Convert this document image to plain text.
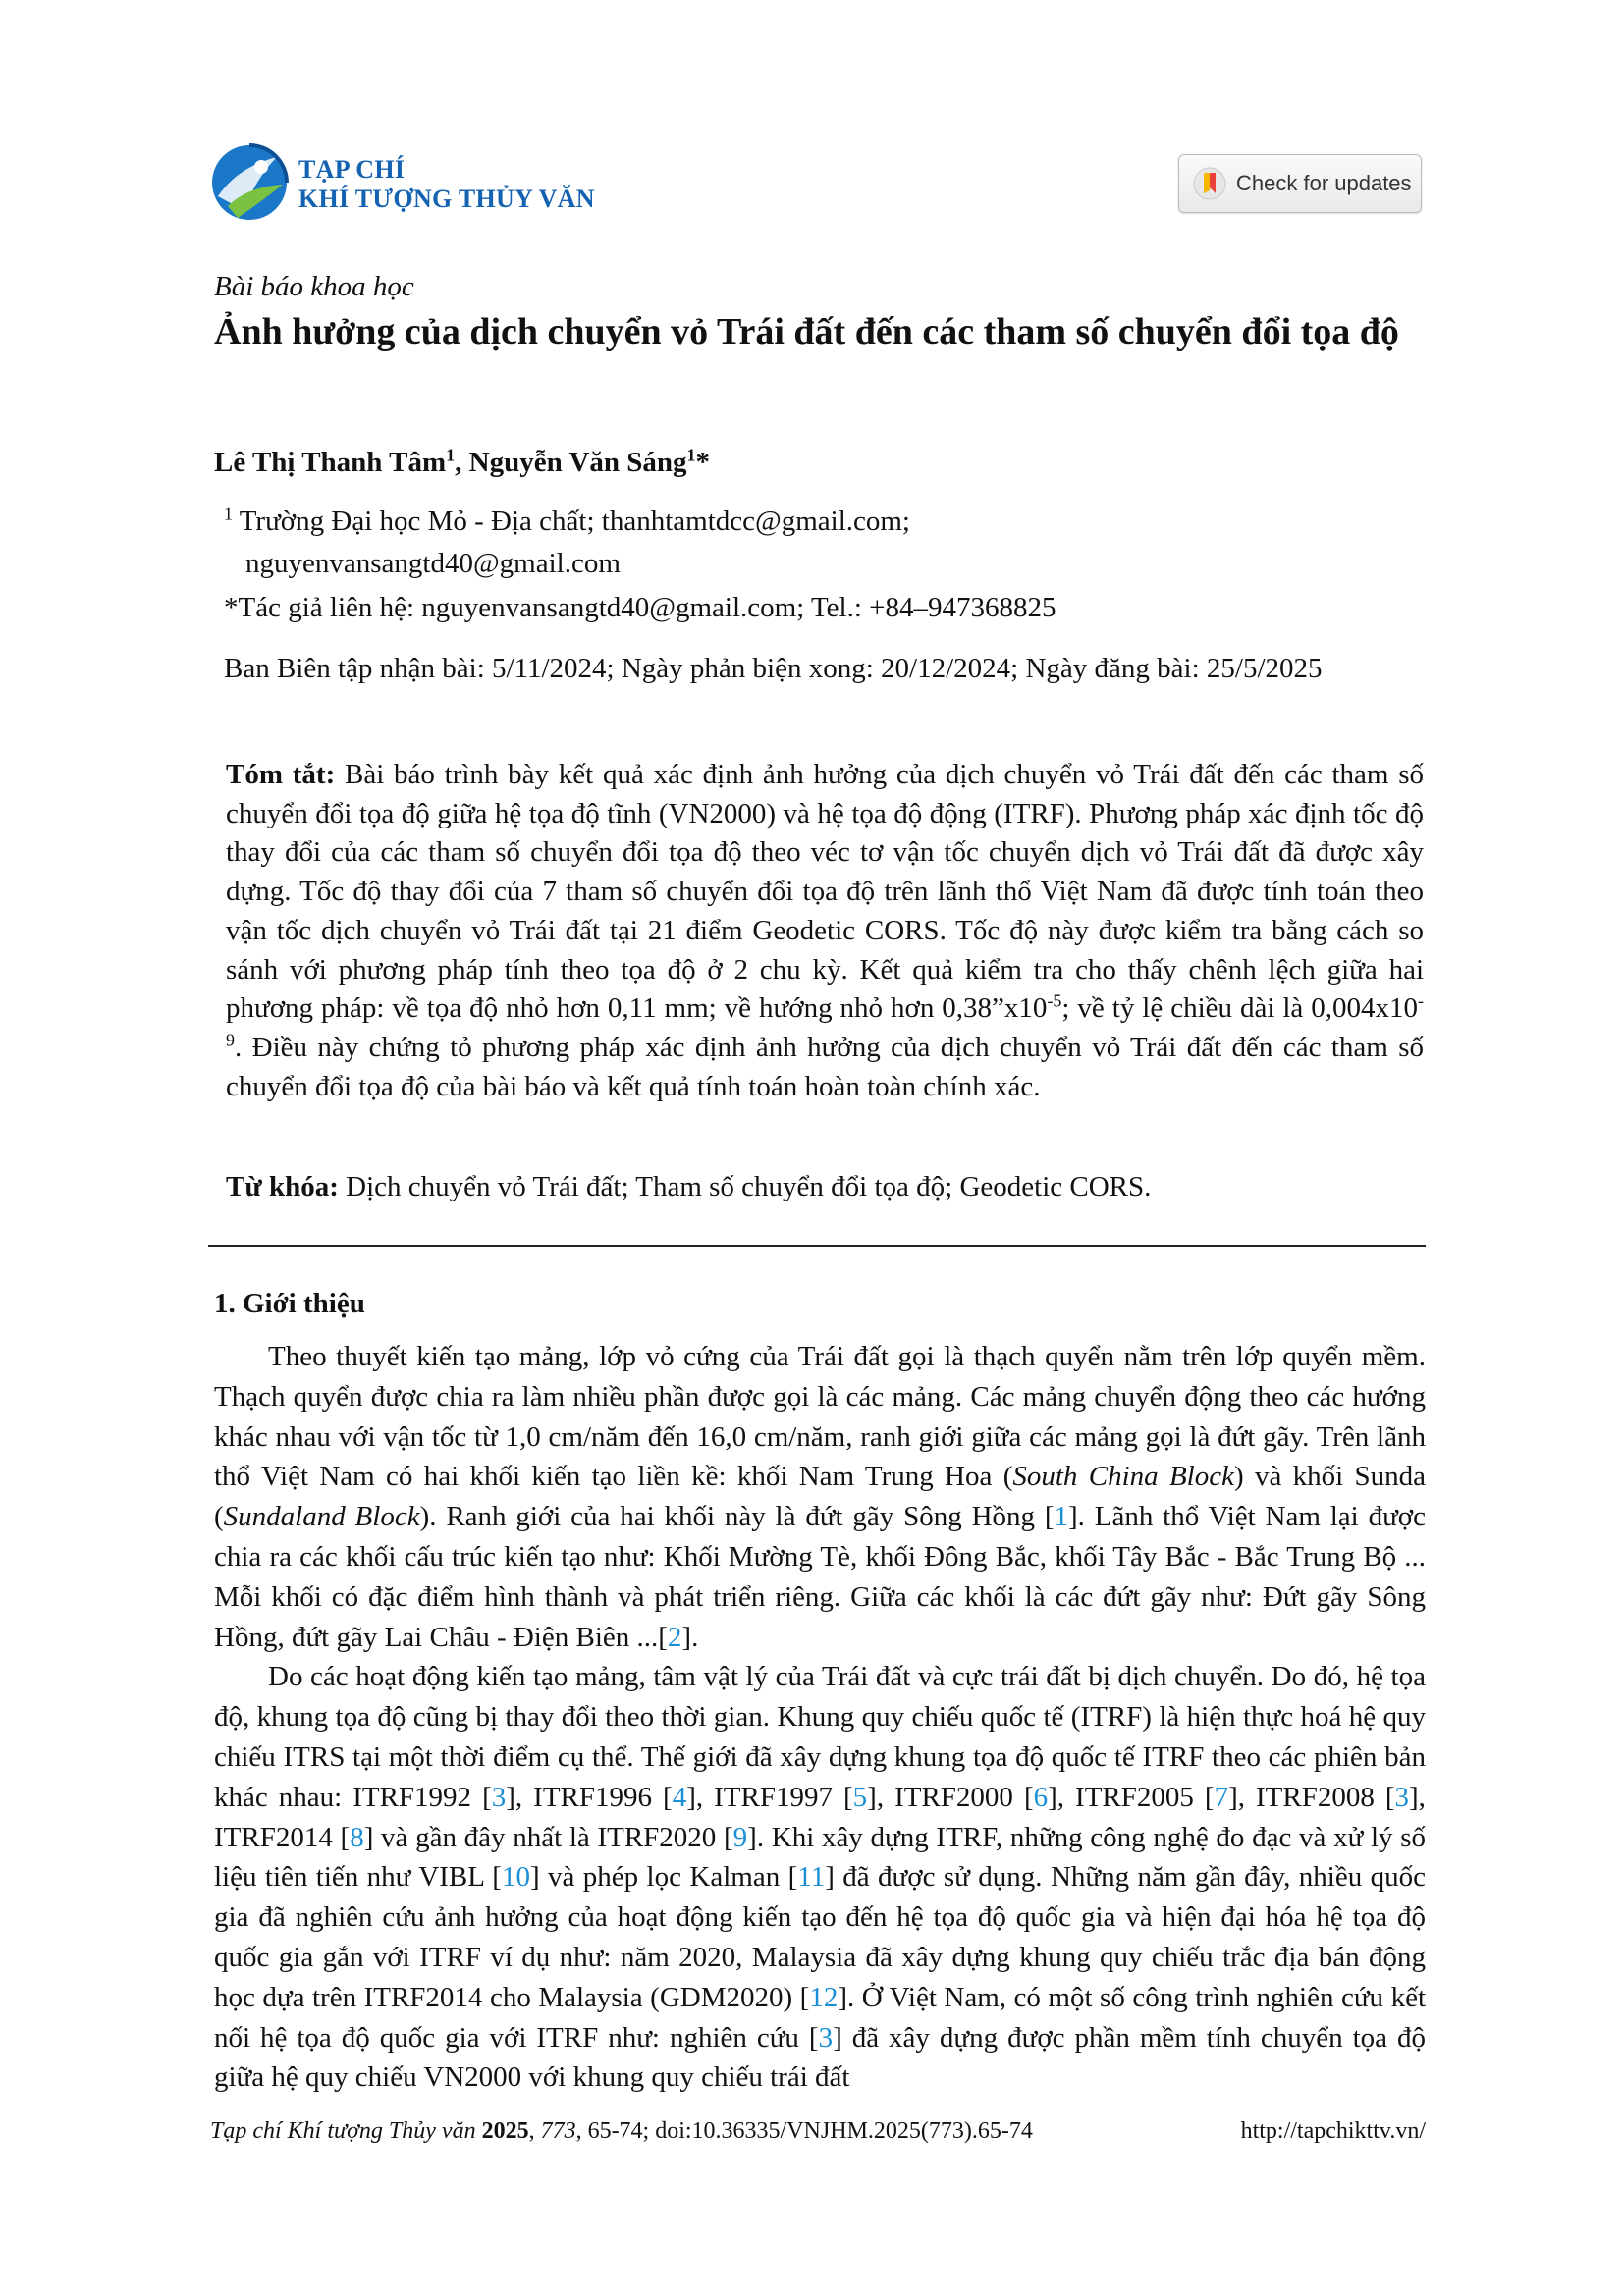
TẠP CHÍ
KHÍ TƯỢNG THỦY VĂN
Check for updates
Bài báo khoa học
Ảnh hưởng của dịch chuyển vỏ Trái đất đến các tham số chuyển đổi tọa độ
Lê Thị Thanh Tâm$^1$, Nguyễn Văn Sáng$^1$*
$^1$ Trường Đại học Mỏ - Địa chất; thanhtamtdcc@gmail.com;
nguyenvansangtd40@gmail.com
*Tác giả liên hệ: nguyenvansangtd40@gmail.com; Tel.: +84–947368825
Ban Biên tập nhận bài: 5/11/2024; Ngày phản biện xong: 20/12/2024; Ngày đăng bài: 25/5/2025
Tóm tắt: Bài báo trình bày kết quả xác định ảnh hưởng của dịch chuyển vỏ Trái đất đến các tham số chuyển đổi tọa độ giữa hệ tọa độ tĩnh (VN2000) và hệ tọa độ động (ITRF). Phương pháp xác định tốc độ thay đổi của các tham số chuyển đổi tọa độ theo véc tơ vận tốc chuyển dịch vỏ Trái đất đã được xây dựng. Tốc độ thay đổi của 7 tham số chuyển đổi tọa độ trên lãnh thổ Việt Nam đã được tính toán theo vận tốc dịch chuyển vỏ Trái đất tại 21 điểm Geodetic CORS. Tốc độ này được kiểm tra bằng cách so sánh với phương pháp tính theo tọa độ ở 2 chu kỳ. Kết quả kiểm tra cho thấy chênh lệch giữa hai phương pháp: về tọa độ nhỏ hơn 0,11 mm; về hướng nhỏ hơn $0,38”x10^{-5}$; về tỷ lệ chiều dài là $0,004x10^{-9}$. Điều này chứng tỏ phương pháp xác định ảnh hưởng của dịch chuyển vỏ Trái đất đến các tham số chuyển đổi tọa độ của bài báo và kết quả tính toán hoàn toàn chính xác.
Từ khóa: Dịch chuyển vỏ Trái đất; Tham số chuyển đổi tọa độ; Geodetic CORS.
1. Giới thiệu

Theo thuyết kiến tạo mảng, lớp vỏ cứng của Trái đất gọi là thạch quyển nằm trên lớp quyển mềm. Thạch quyển được chia ra làm nhiều phần được gọi là các mảng. Các mảng chuyển động theo các hướng khác nhau với vận tốc từ 1,0 cm/năm đến 16,0 cm/năm, ranh giới giữa các mảng gọi là đứt gãy. Trên lãnh thổ Việt Nam có hai khối kiến tạo liền kề: khối Nam Trung Hoa (South China Block) và khối Sunda (Sundaland Block). Ranh giới của hai khối này là đứt gãy Sông Hồng [1]. Lãnh thổ Việt Nam lại được chia ra các khối cấu trúc kiến tạo như: Khối Mường Tè, khối Đông Bắc, khối Tây Bắc - Bắc Trung Bộ ... Mỗi khối có đặc điểm hình thành và phát triển riêng. Giữa các khối là các đứt gãy như: Đứt gãy Sông Hồng, đứt gãy Lai Châu - Điện Biên ...[2].

Do các hoạt động kiến tạo mảng, tâm vật lý của Trái đất và cực trái đất bị dịch chuyển. Do đó, hệ tọa độ, khung tọa độ cũng bị thay đổi theo thời gian. Khung quy chiếu quốc tế (ITRF) là hiện thực hoá hệ quy chiếu ITRS tại một thời điểm cụ thể. Thế giới đã xây dựng khung tọa độ quốc tế ITRF theo các phiên bản khác nhau: ITRF1992 [3], ITRF1996 [4], ITRF1997 [5], ITRF2000 [6], ITRF2005 [7], ITRF2008 [3], ITRF2014 [8] và gần đây nhất là ITRF2020 [9]. Khi xây dựng ITRF, những công nghệ đo đạc và xử lý số liệu tiên tiến như VIBL [10] và phép lọc Kalman [11] đã được sử dụng. Những năm gần đây, nhiều quốc gia đã nghiên cứu ảnh hưởng của hoạt động kiến tạo đến hệ tọa độ quốc gia và hiện đại hóa hệ tọa độ quốc gia gắn với ITRF ví dụ như: năm 2020, Malaysia đã xây dựng khung quy chiếu trắc địa bán động học dựa trên ITRF2014 cho Malaysia (GDM2020) [12]. Ở Việt Nam, có một số công trình nghiên cứu kết nối hệ tọa độ quốc gia với ITRF như: nghiên cứu [3] đã xây dựng được phần mềm tính chuyển tọa độ giữa hệ quy chiếu VN2000 với khung quy chiếu trái đất

Tạp chí Khí tượng Thủy văn 2025, 773, 65-74; doi:10.36335/VNJHM.2025(773).65-74	http://tapchikttv.vn/
